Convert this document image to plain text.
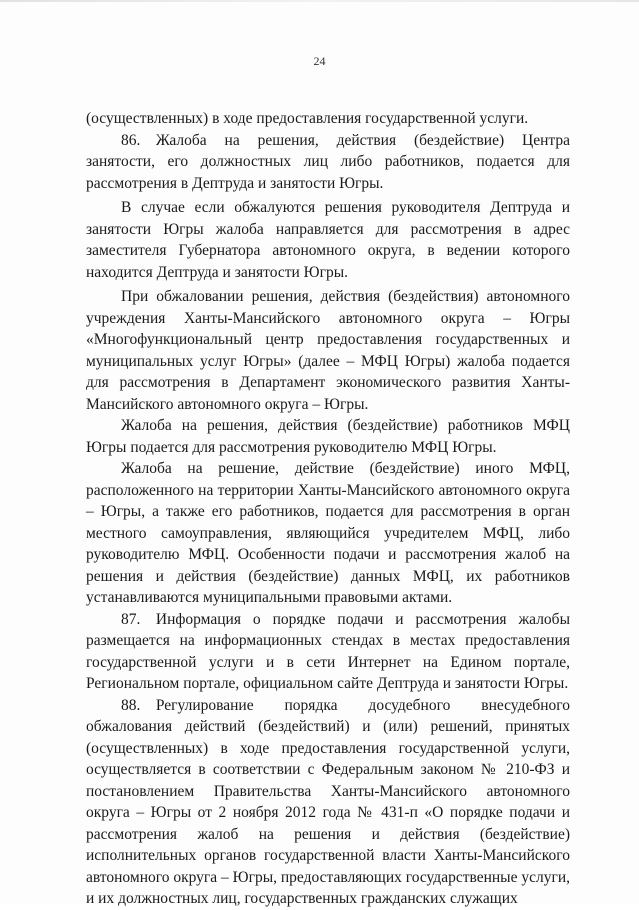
24

(осуществленных) в ходе предоставления государственной услуги.

86. Жалоба на решения, действия (бездействие) Центра занятости, его должностных лиц либо работников, подается для рассмотрения в Дептруда и занятости Югры.

В случае если обжалуются решения руководителя Дептруда и занятости Югры жалоба направляется для рассмотрения в адрес заместителя Губернатора автономного округа, в ведении которого находится Дептруда и занятости Югры.

При обжаловании решения, действия (бездействия) автономного учреждения Ханты-Мансийского автономного округа – Югры «Многофункциональный центр предоставления государственных и муниципальных услуг Югры» (далее – МФЦ Югры) жалоба подается для рассмотрения в Департамент экономического развития Ханты-Мансийского автономного округа – Югры.

Жалоба на решения, действия (бездействие) работников МФЦ Югры подается для рассмотрения руководителю МФЦ Югры.

Жалоба на решение, действие (бездействие) иного МФЦ, расположенного на территории Ханты-Мансийского автономного округа – Югры, а также его работников, подается для рассмотрения в орган местного самоуправления, являющийся учредителем МФЦ, либо руководителю МФЦ. Особенности подачи и рассмотрения жалоб на решения и действия (бездействие) данных МФЦ, их работников устанавливаются муниципальными правовыми актами.

87. Информация о порядке подачи и рассмотрения жалобы размещается на информационных стендах в местах предоставления государственной услуги и в сети Интернет на Едином портале, Региональном портале, официальном сайте Дептруда и занятости Югры.

88. Регулирование порядка досудебного внесудебного обжалования действий (бездействий) и (или) решений, принятых (осуществленных) в ходе предоставления государственной услуги, осуществляется в соответствии с Федеральным законом № 210-ФЗ и постановлением Правительства Ханты-Мансийского автономного округа – Югры от 2 ноября 2012 года № 431-п «О порядке подачи и рассмотрения жалоб на решения и действия (бездействие) исполнительных органов государственной власти Ханты-Мансийского автономного округа – Югры, предоставляющих государственные услуги, и их должностных лиц, государственных гражданских служащих
